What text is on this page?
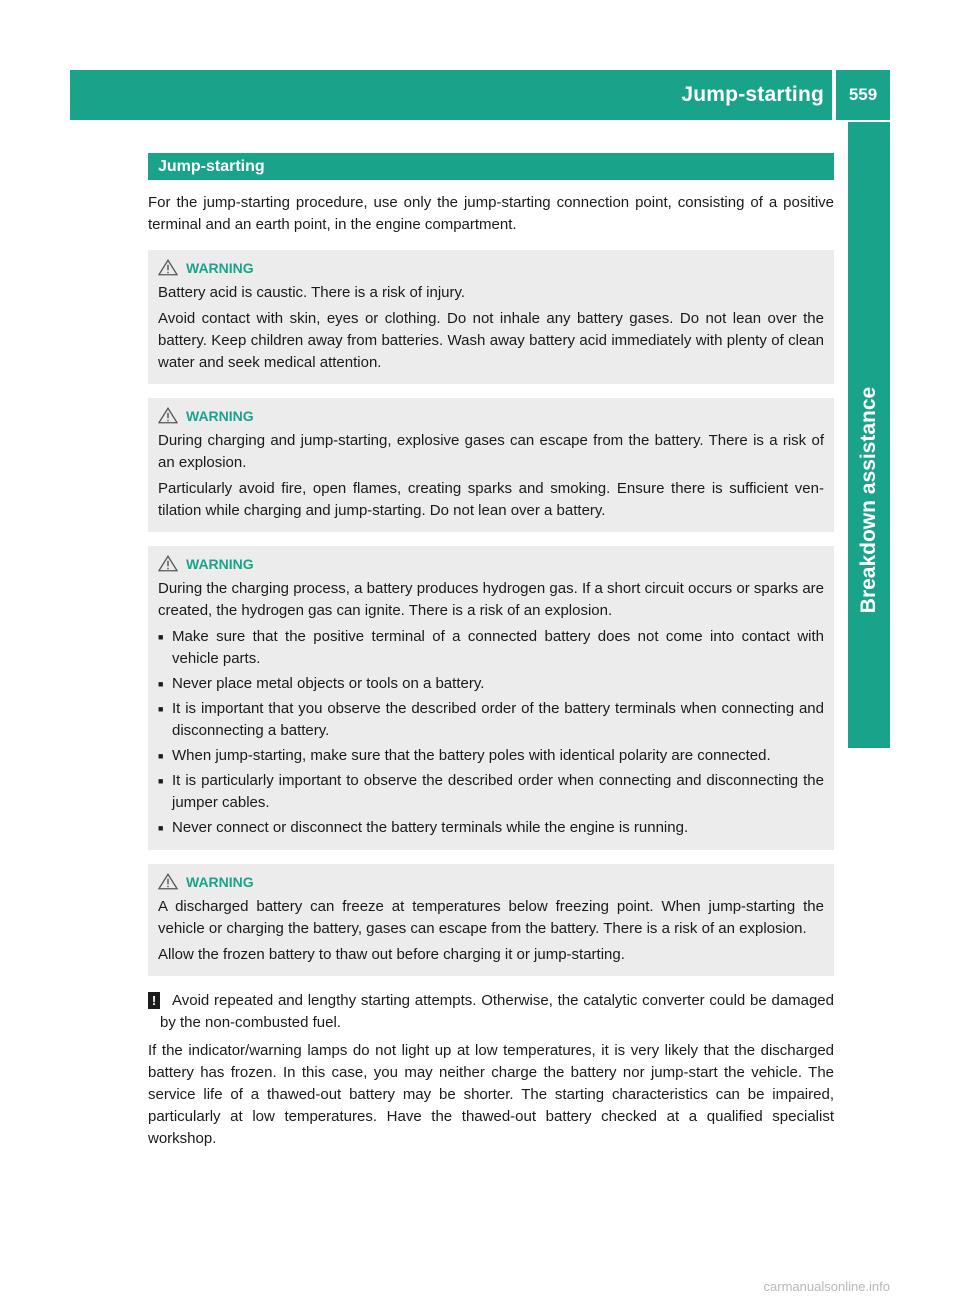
Jump-starting	559
Breakdown assistance
Jump-starting

For the jump-starting procedure, use only the jump-starting connection point, consisting of a positive terminal and an earth point, in the engine compartment.

WARNING

Battery acid is caustic. There is a risk of injury.

Avoid contact with skin, eyes or clothing. Do not inhale any battery gases. Do not lean over the battery. Keep children away from batteries. Wash away battery acid immediately with plenty of clean water and seek medical attention.

WARNING

During charging and jump-starting, explosive gases can escape from the battery. There is a risk of an explosion.

Particularly avoid fire, open flames, creating sparks and smoking. Ensure there is sufficient ven-tilation while charging and jump-starting. Do not lean over a battery.

WARNING

During the charging process, a battery produces hydrogen gas. If a short circuit occurs or sparks are created, the hydrogen gas can ignite. There is a risk of an explosion.

■ Make sure that the positive terminal of a connected battery does not come into contact with vehicle parts.
■ Never place metal objects or tools on a battery.
■ It is important that you observe the described order of the battery terminals when connecting and disconnecting a battery.
■ When jump-starting, make sure that the battery poles with identical polarity are connected.
■ It is particularly important to observe the described order when connecting and disconnecting the jumper cables.
■ Never connect or disconnect the battery terminals while the engine is running.
WARNING

A discharged battery can freeze at temperatures below freezing point. When jump-starting the vehicle or charging the battery, gases can escape from the battery. There is a risk of an explosion.

Allow the frozen battery to thaw out before charging it or jump-starting.

!	Avoid repeated and lengthy starting attempts. Otherwise, the catalytic converter could be damaged by the non-combusted fuel.

If the indicator/warning lamps do not light up at low temperatures, it is very likely that the discharged battery has frozen. In this case, you may neither charge the battery nor jump-start the vehicle. The service life of a thawed-out battery may be shorter. The starting characteristics can be impaired, particularly at low temperatures. Have the thawed-out battery checked at a qualified specialist workshop.

carmanualsonline.info
